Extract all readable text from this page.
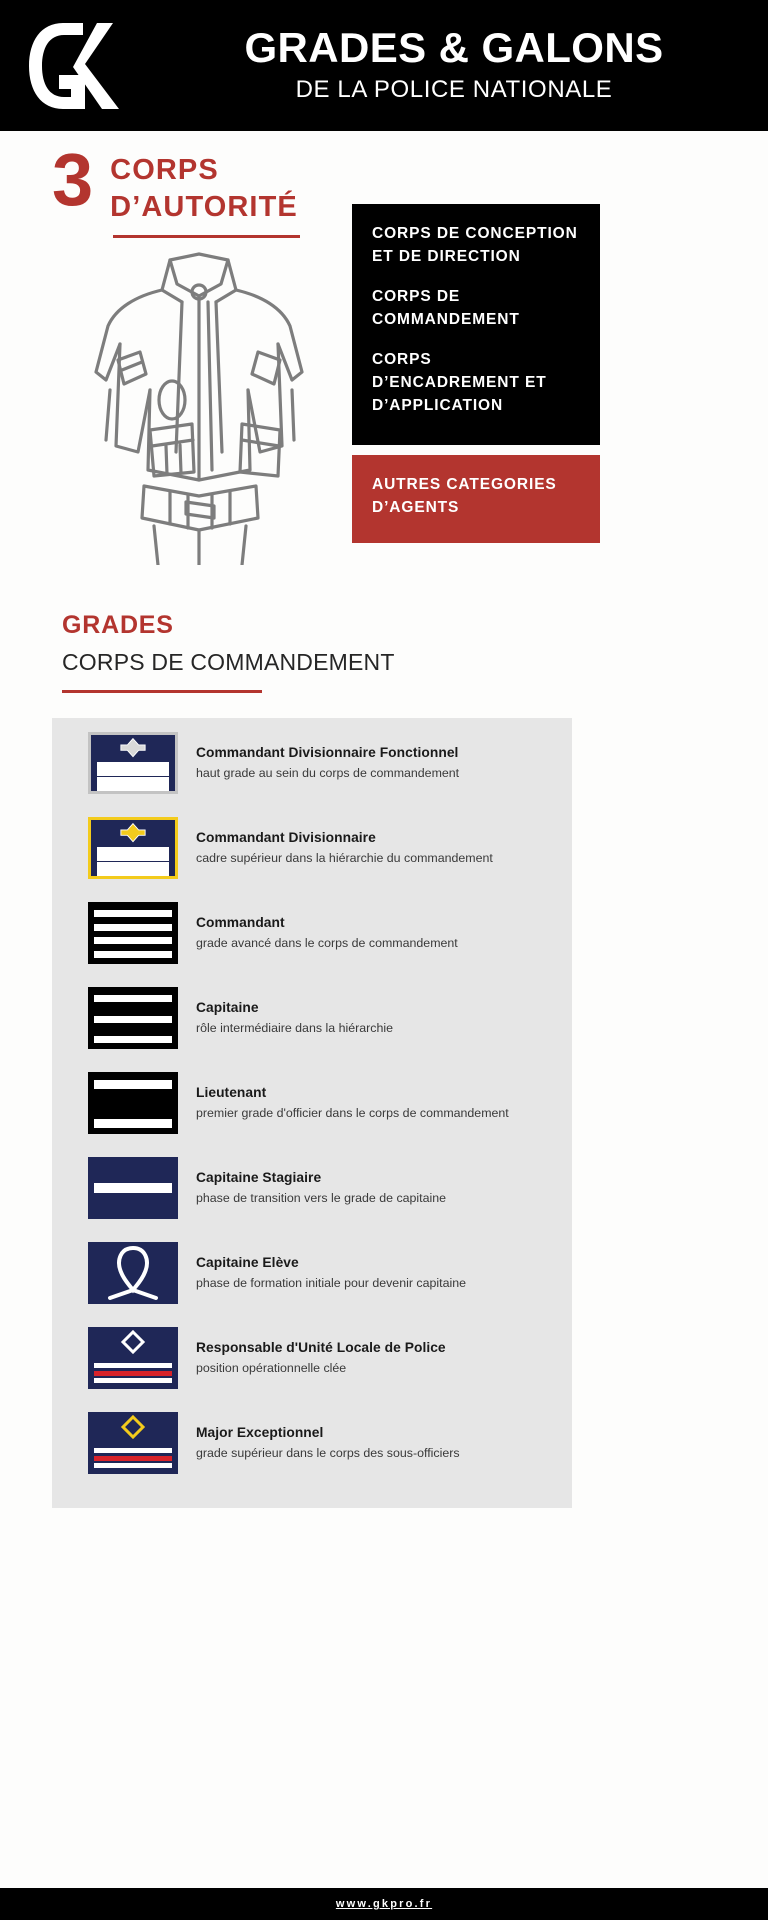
GRADES & GALONS
DE LA POLICE NATIONALE
3 CORPS
D’AUTORITÉ
CORPS DE CONCEPTION ET DE DIRECTION
CORPS DE COMMANDEMENT
CORPS D’ENCADREMENT ET D’APPLICATION
AUTRES CATEGORIES D’AGENTS
GRADES
CORPS DE COMMANDEMENT
Commandant Divisionnaire Fonctionnel
haut grade au sein du corps de commandement
Commandant Divisionnaire
cadre supérieur dans la hiérarchie du commandement
Commandant
grade avancé dans le corps de commandement
Capitaine
rôle intermédiaire dans la hiérarchie
Lieutenant
premier grade d'officier dans le corps de commandement
Capitaine Stagiaire
phase de transition vers le grade de capitaine
Capitaine Elève
phase de formation initiale pour devenir capitaine
Responsable d'Unité Locale de Police
position opérationnelle clée
Major Exceptionnel
grade supérieur dans le corps des sous-officiers
www.gkpro.fr
